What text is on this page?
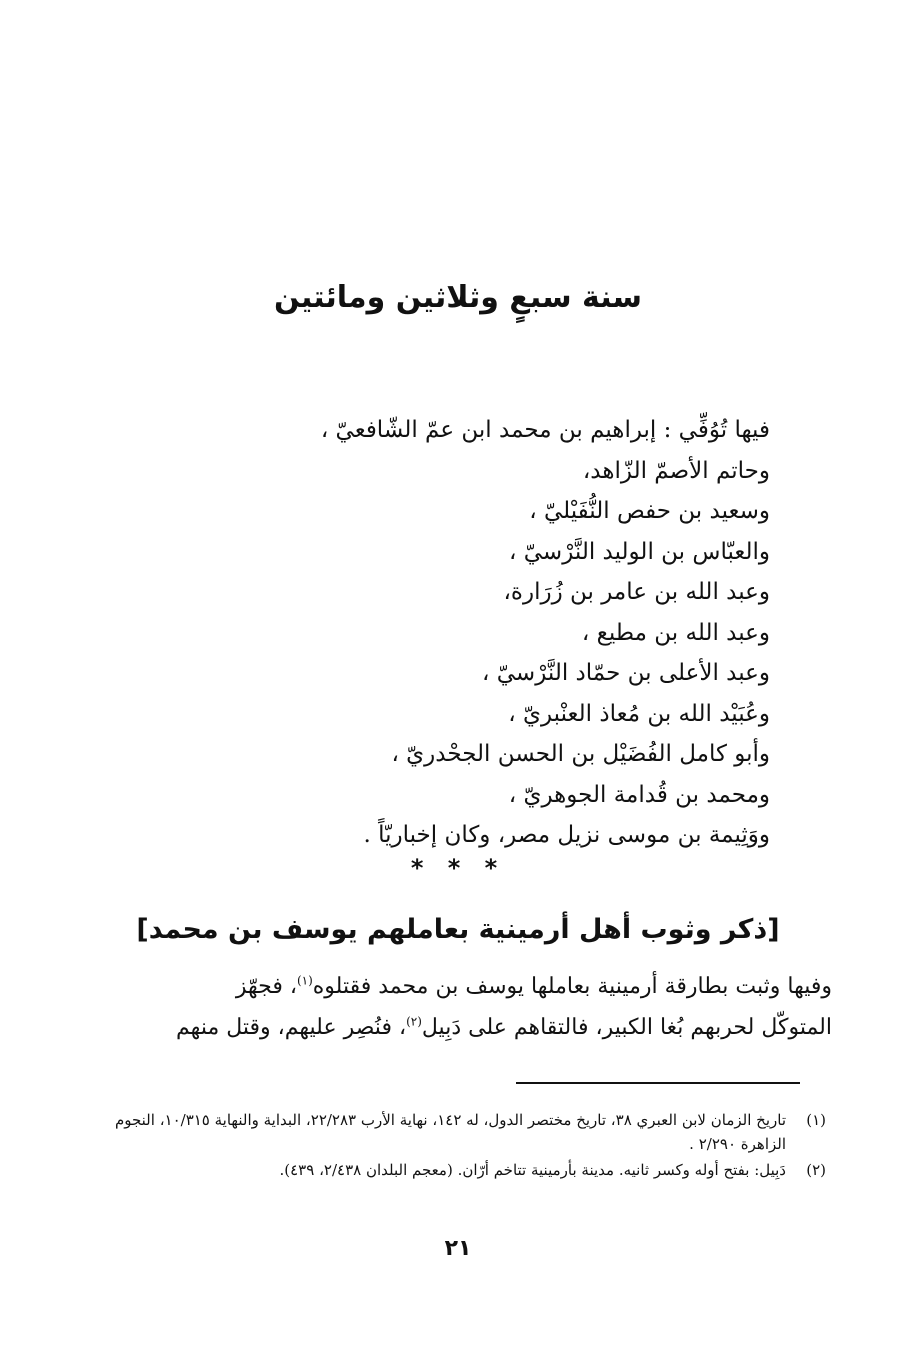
سنة سبعٍ وثلاثين ومائتين
فيها تُوُفِّي : إبراهيم بن محمد ابن عمّ الشّافعيّ ،
وحاتم الأصمّ الزّاهد،
وسعيد بن حفص النُّفَيْليّ ،
والعبّاس بن الوليد النَّرْسيّ ،
وعبد الله بن عامر بن زُرَارة،
وعبد الله بن مطيع ،
وعبد الأعلى بن حمّاد النَّرْسيّ ،
وعُبَيْد الله بن مُعاذ العنْبريّ ،
وأبو كامل الفُضَيْل بن الحسن الجحْدريّ ،
ومحمد بن قُدامة الجوهريّ ،
ووَثِيمة بن موسى نزيل مصر، وكان إخباريّاً .
* * *
[ذكر وثوب أهل أرمينية بعاملهم يوسف بن محمد]

وفيها وثبت بطارقة أرمينية بعاملها يوسف بن محمد فقتلوه$^{(١)}$، فجهّز
المتوكّل لحربهم بُغا الكبير، فالتقاهم على دَبِيل$^{(٢)}$، فنُصِر عليهم، وقتل منهم

(١)
تاريخ الزمان لابن العبري ٣٨، تاريخ مختصر الدول، له ١٤٢، نهاية الأرب ٢٢/٢٨٣، البداية والنهاية ١٠/٣١٥، النجوم الزاهرة ٢/٢٩٠ .
(٢)
دَبِيل: بفتح أوله وكسر ثانيه. مدينة بأرمينية تتاخم أرّان. (معجم البلدان ٢/٤٣٨، ٤٣٩).
٢١
